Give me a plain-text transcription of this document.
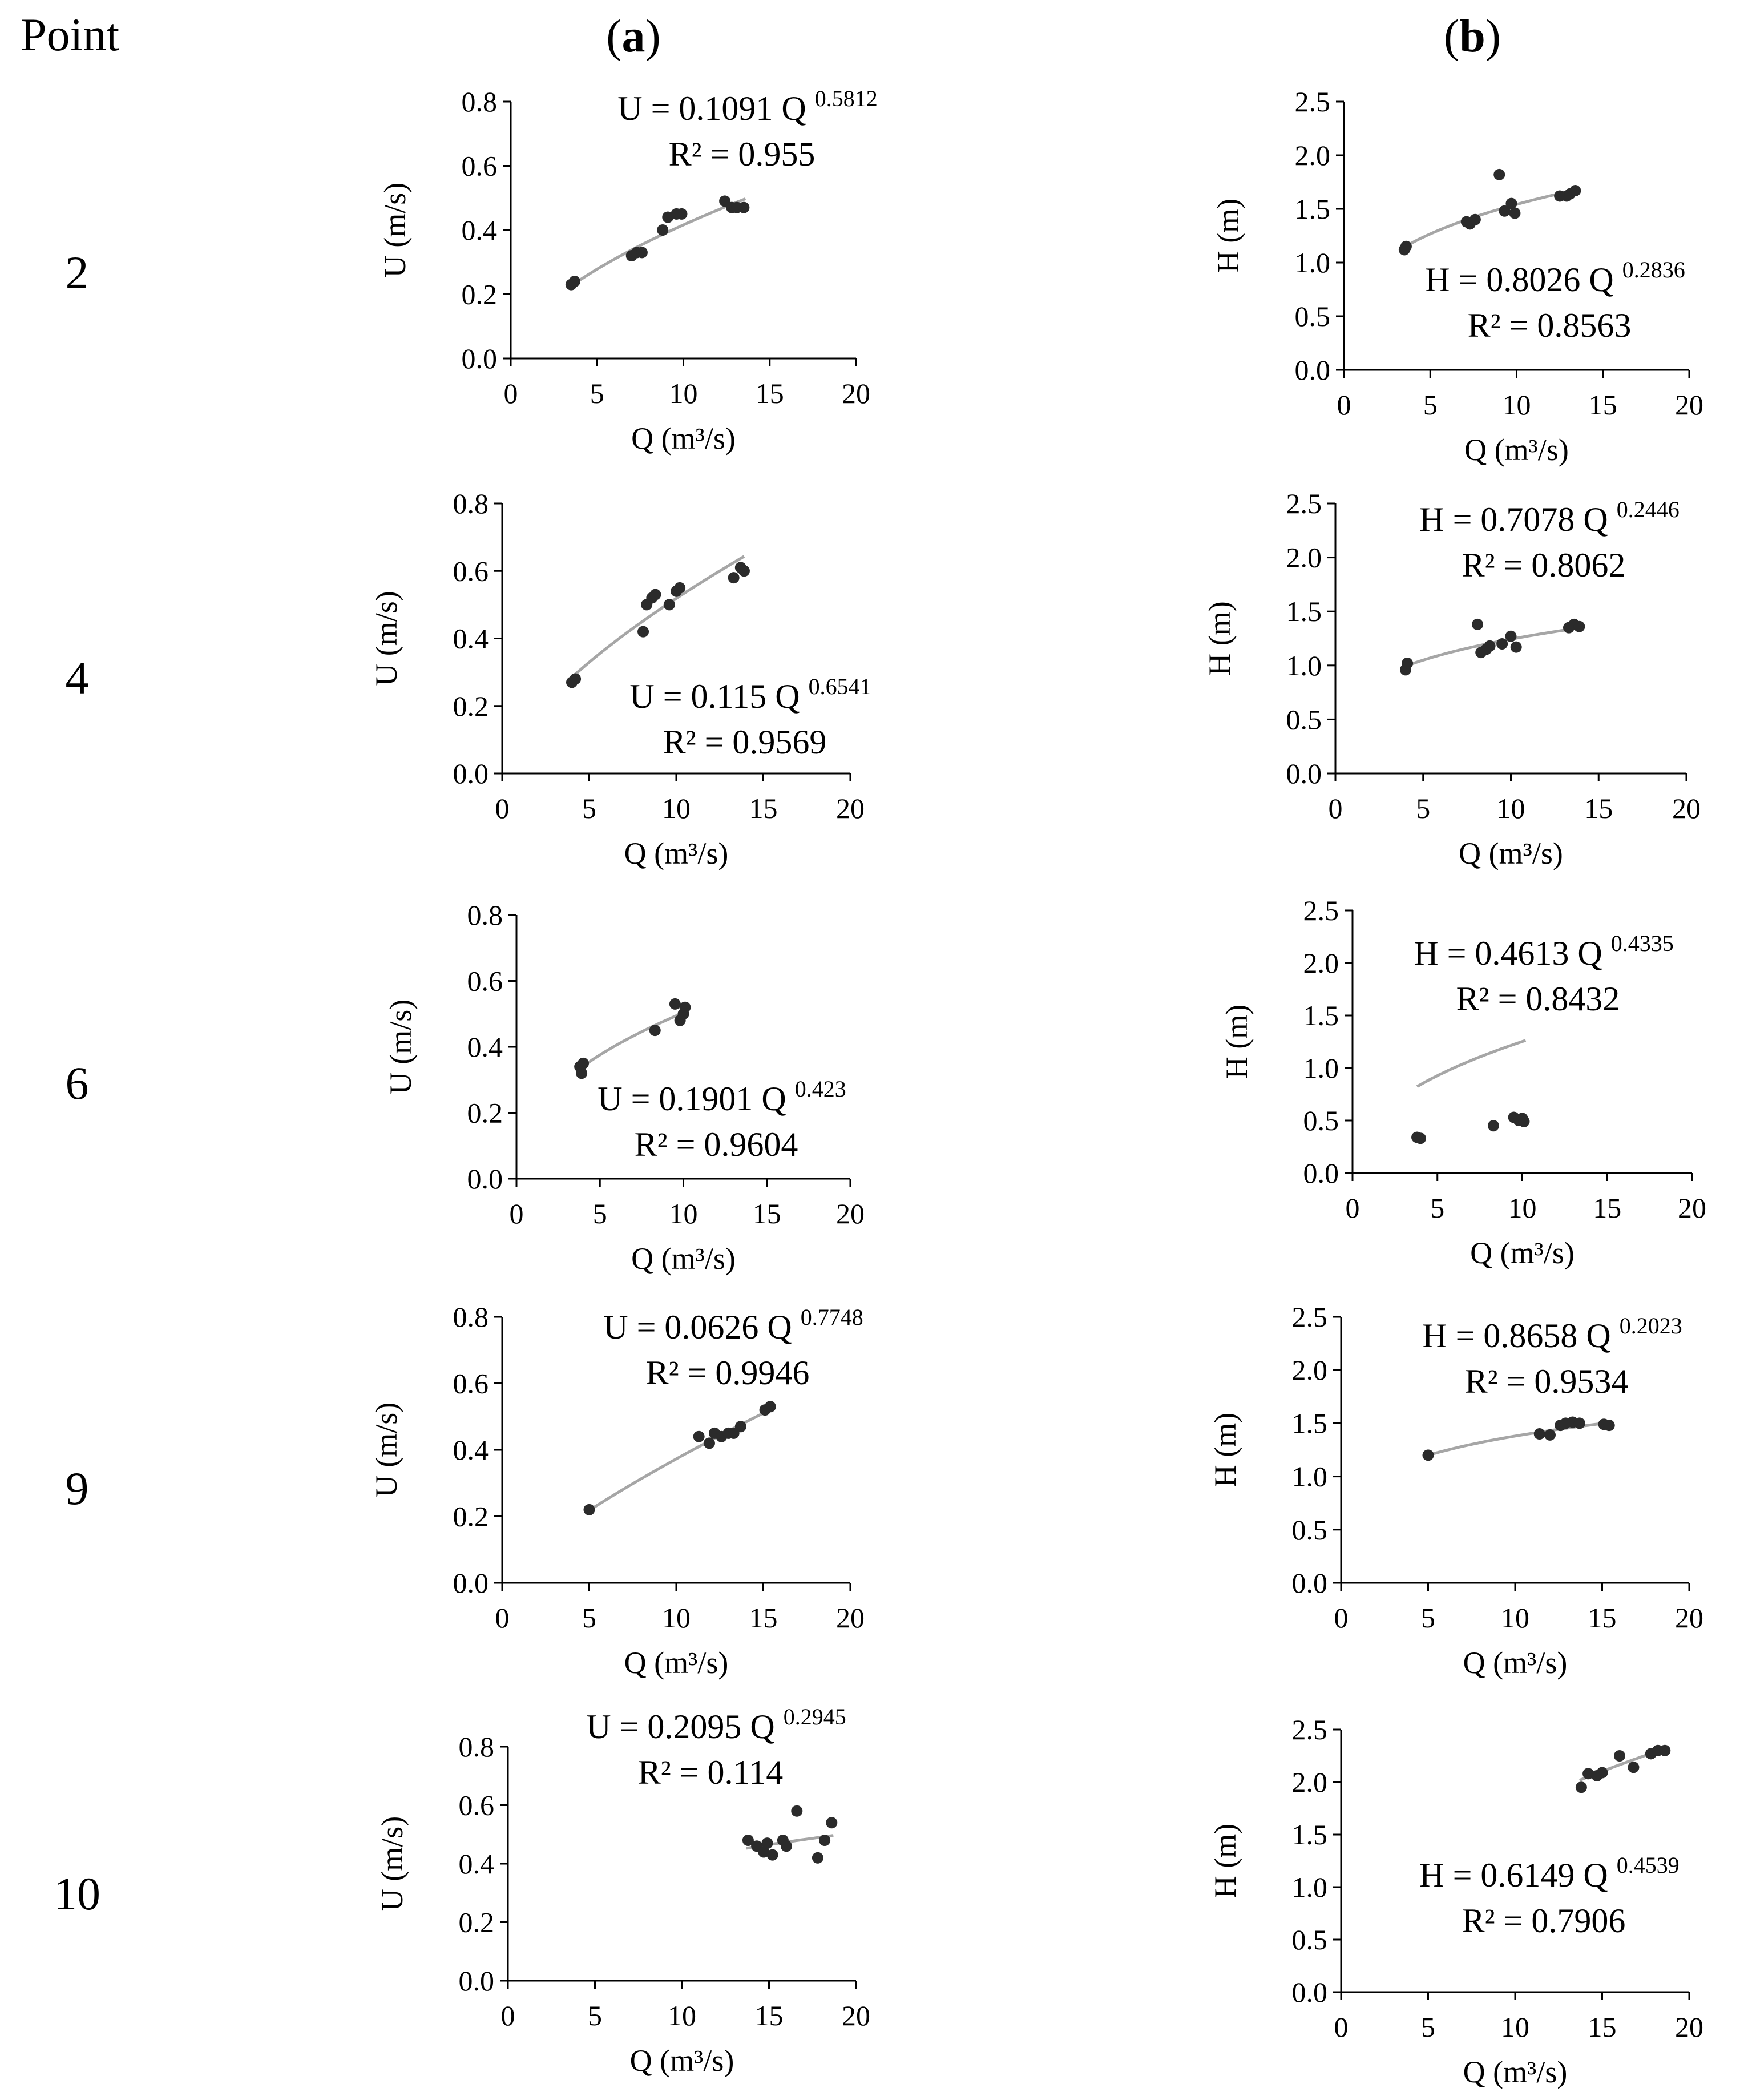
Point	(a)	(b)
2
4
6
9
10
0.0
0.2
0.4
0.6
0.8
0	5 10 15 20
Q (m³/s)
U (m/s)
U = 0.1091 Q $^{0.5812}$
R² = 0.955
0.0
0.5
1.0
1.5
2.0
2.5
0	5 10 15 20
Q (m³/s)
H (m)
H = 0.8026 Q $^{0.2836}$
R² = 0.8563
0.0
0.2
0.4
0.6
0.8
0	5 10 15 20
Q (m³/s)
U (m/s)
U = 0.115 Q $^{0.6541}$
R² = 0.9569
0.0
0.5
1.0
1.5
2.0
2.5
0	5 10 15 20
Q (m³/s)
H (m)
H = 0.7078 Q $^{0.2446}$
R² = 0.8062
0.0
0.2
0.4
0.6
0.8
0 5 10 15 20
Q (m³/s)
U (m/s)
U = 0.1901 Q $^{0.423}$
R² = 0.9604
0.0
0.5
1.0
1.5
2.0
2.5
0 5 10 15 20
Q (m³/s)
H (m)
H = 0.4613 Q $^{0.4335}$
R² = 0.8432
0.0
0.2
0.4
0.6
0.8
0	5 10 15 20
Q (m³/s)
U (m/s)
U = 0.0626 Q $^{0.7748}$
R² = 0.9946
0.0
0.5
1.0
1.5
2.0
2.5
0	5 10 15 20
Q (m³/s)
H (m)
H = 0.8658 Q $^{0.2023}$
R² = 0.9534
0.0
0.2
0.4
0.6
0.8
0	5 10 15 20
Q (m³/s)
U (m/s)
U = 0.2095 Q $^{0.2945}$
R² = 0.114
0.0
0.5
1.0
1.5
2.0
2.5
0	5 10 15 20
Q (m³/s)
H (m)	H = 0.6149 Q $^{0.4539}$
R² = 0.7906
